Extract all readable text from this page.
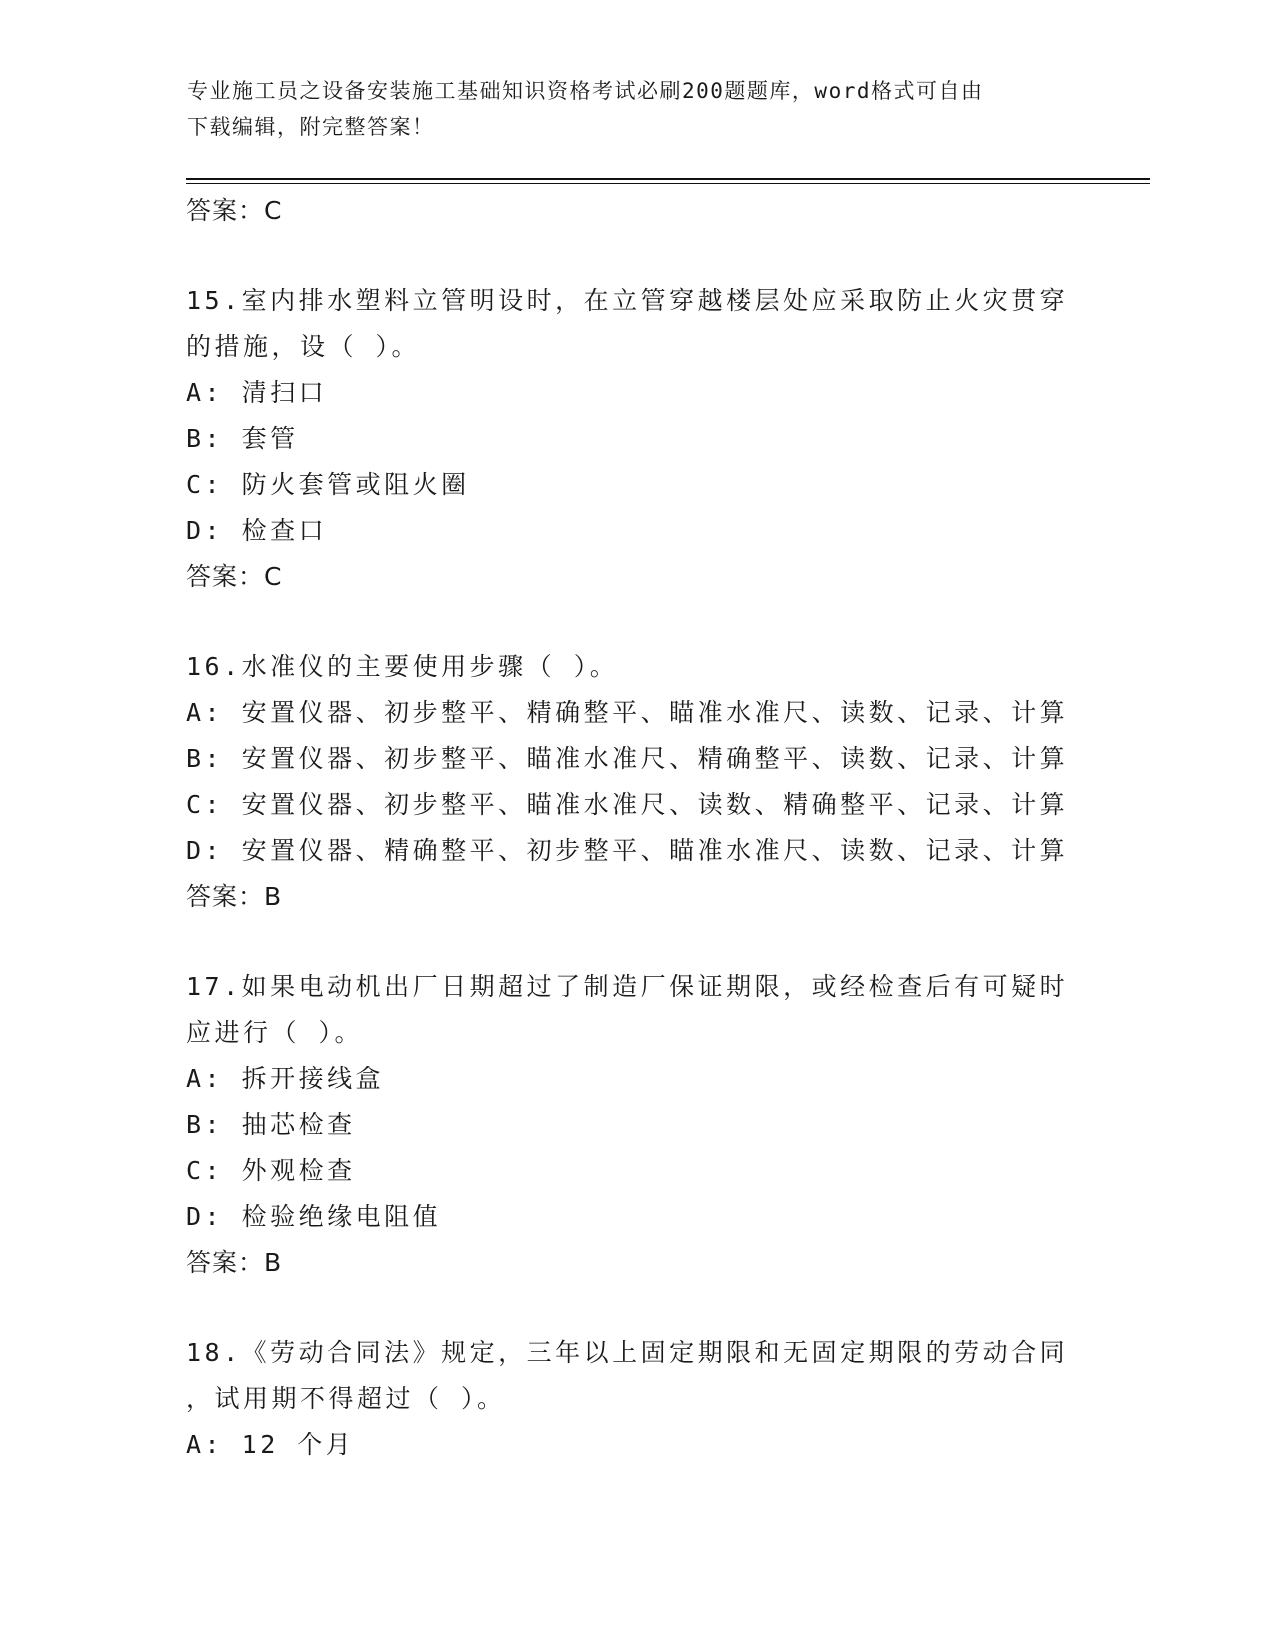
专业施工员之设备安装施工基础知识资格考试必刷200题题库，word格式可自由
下载编辑，附完整答案！
答案：C
15.室内排水塑料立管明设时，在立管穿越楼层处应采取防止火灾贯穿
的措施，设（ ）。
A: 清扫口
B: 套管
C: 防火套管或阻火圈
D: 检查口
答案：C
16.水准仪的主要使用步骤（ ）。
A: 安置仪器、初步整平、精确整平、瞄准水准尺、读数、记录、计算
B: 安置仪器、初步整平、瞄准水准尺、精确整平、读数、记录、计算
C: 安置仪器、初步整平、瞄准水准尺、读数、精确整平、记录、计算
D: 安置仪器、精确整平、初步整平、瞄准水准尺、读数、记录、计算
答案：B
17.如果电动机出厂日期超过了制造厂保证期限，或经检查后有可疑时
应进行（ ）。
A: 拆开接线盒
B: 抽芯检查
C: 外观检查
D: 检验绝缘电阻值
答案：B
18.《劳动合同法》规定，三年以上固定期限和无固定期限的劳动合同
，试用期不得超过（ ）。
A: 12 个月
